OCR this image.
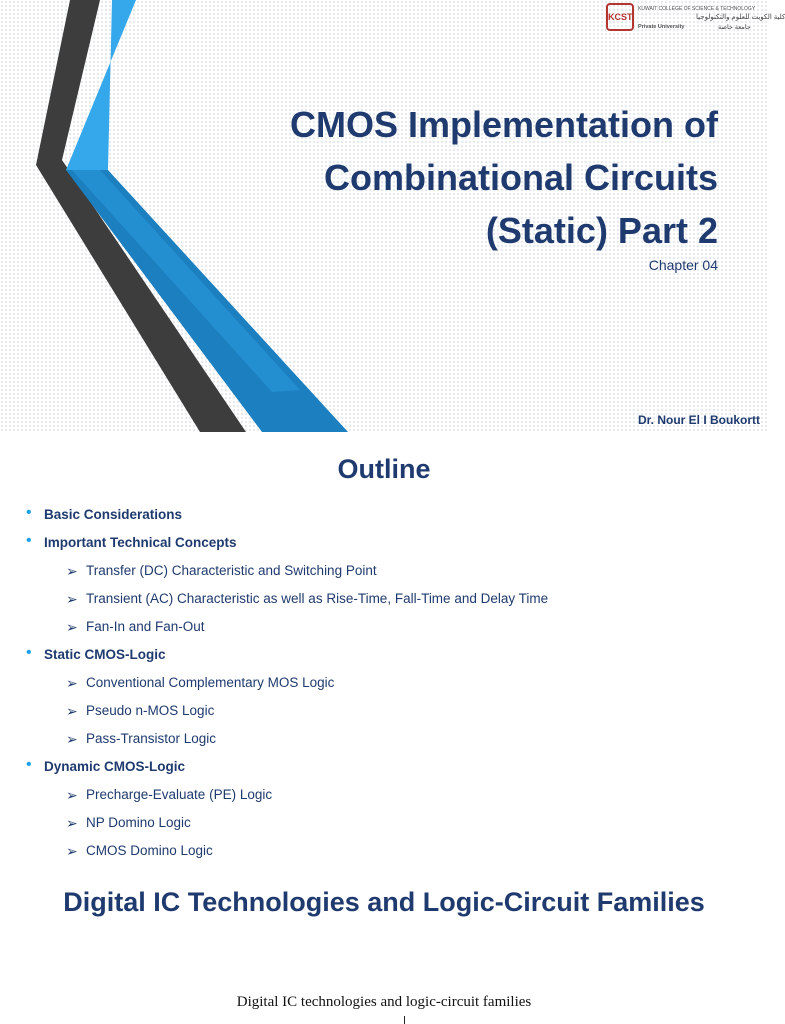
KCST
KUWAIT COLLEGE OF SCIENCE & TECHNOLOGY
كلية الكويت للعلوم والتكنولوجيا
Private University	جامعة خاصة
CMOS Implementation of
Combinational Circuits
(Static) Part 2
Chapter 04
Dr. Nour El I Boukortt
Outline
• Basic Considerations
• Important Technical Concepts
➢ Transfer (DC) Characteristic and Switching Point
➢ Transient (AC) Characteristic as well as Rise-Time, Fall-Time and Delay Time
➢ Fan-In and Fan-Out
• Static CMOS-Logic
➢ Conventional Complementary MOS Logic
➢ Pseudo n-MOS Logic
➢ Pass-Transistor Logic
• Dynamic CMOS-Logic
➢ Precharge-Evaluate (PE) Logic
➢ NP Domino Logic
➢ CMOS Domino Logic
Digital IC Technologies and Logic-Circuit Families
Digital IC technologies and logic-circuit families
